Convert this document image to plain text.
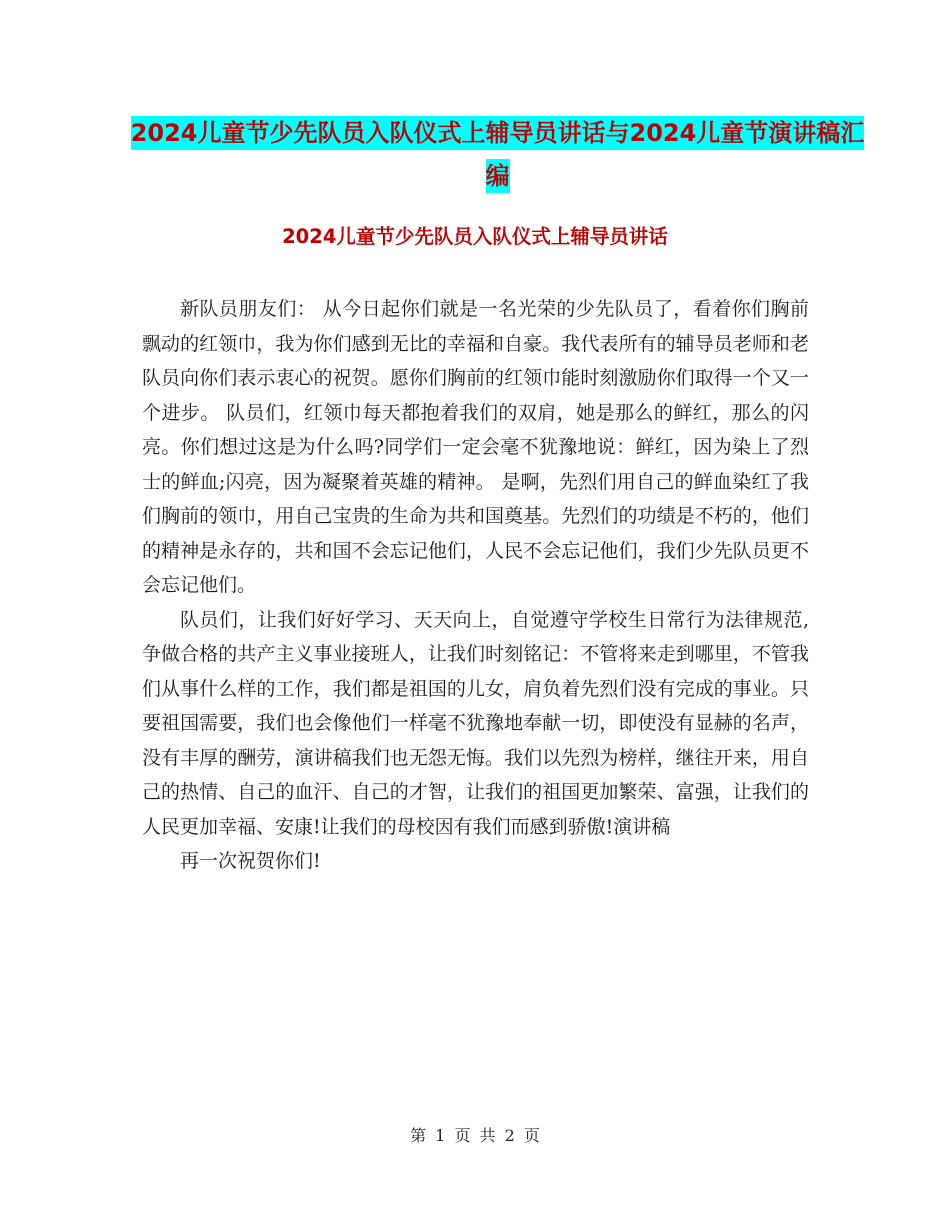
2024儿童节少先队员入队仪式上辅导员讲话与2024儿童节演讲稿汇编
2024儿童节少先队员入队仪式上辅导员讲话

新队员朋友们： 从今日起你们就是一名光荣的少先队员了，看着你们胸前飘动的红领巾，我为你们感到无比的幸福和自豪。我代表所有的辅导员老师和老队员向你们表示衷心的祝贺。愿你们胸前的红领巾能时刻激励你们取得一个又一个进步。 队员们，红领巾每天都抱着我们的双肩，她是那么的鲜红，那么的闪亮。你们想过这是为什么吗?同学们一定会毫不犹豫地说：鲜红，因为染上了烈士的鲜血;闪亮，因为凝聚着英雄的精神。 是啊，先烈们用自己的鲜血染红了我们胸前的领巾，用自己宝贵的生命为共和国奠基。先烈们的功绩是不朽的，他们的精神是永存的，共和国不会忘记他们，人民不会忘记他们，我们少先队员更不会忘记他们。

队员们，让我们好好学习、天天向上，自觉遵守学校生日常行为法律规范,争做合格的共产主义事业接班人，让我们时刻铭记：不管将来走到哪里，不管我们从事什么样的工作，我们都是祖国的儿女，肩负着先烈们没有完成的事业。只要祖国需要，我们也会像他们一样毫不犹豫地奉献一切，即使没有显赫的名声，没有丰厚的酬劳，演讲稿我们也无怨无悔。我们以先烈为榜样，继往开来，用自己的热情、自己的血汗、自己的才智，让我们的祖国更加繁荣、富强，让我们的人民更加幸福、安康!让我们的母校因有我们而感到骄傲!演讲稿

再一次祝贺你们!

第 1 页 共 2 页
